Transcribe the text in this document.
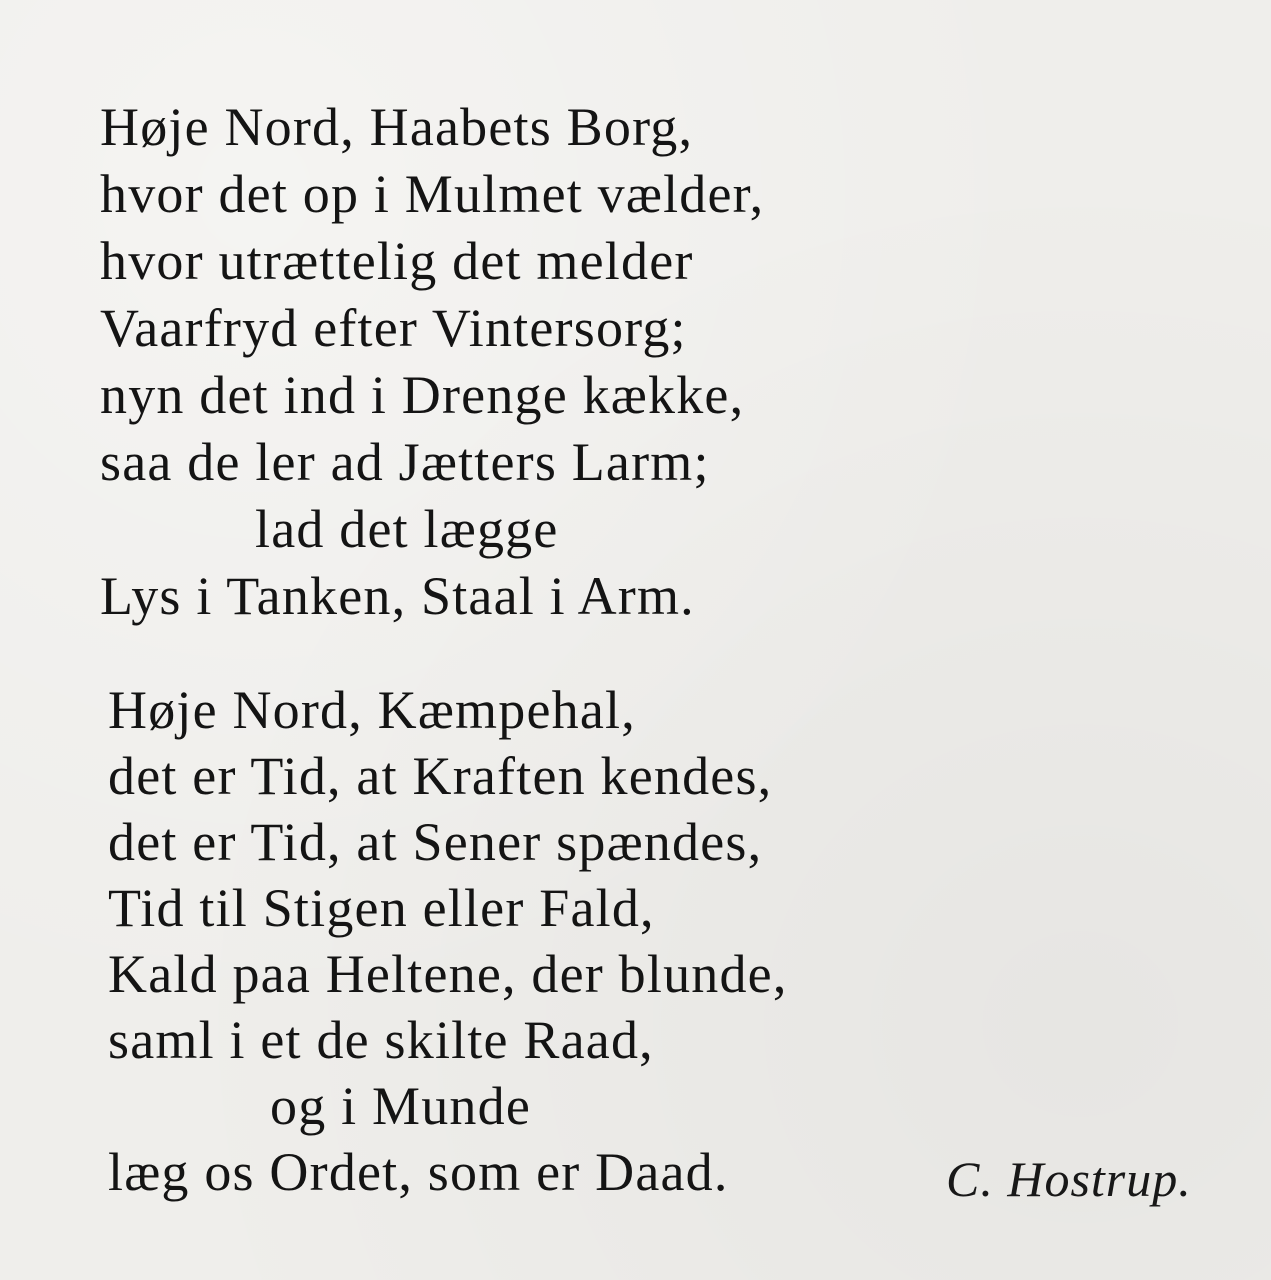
Høje Nord, Haabets Borg,
hvor det op i Mulmet vælder,
hvor utrættelig det melder
Vaarfryd efter Vintersorg;
nyn det ind i Drenge kække,
saa de ler ad Jætters Larm;
lad det lægge
Lys i Tanken, Staal i Arm.
Høje Nord, Kæmpehal,
det er Tid, at Kraften kendes,
det er Tid, at Sener spændes,
Tid til Stigen eller Fald,
Kald paa Heltene, der blunde,
saml i et de skilte Raad,
og i Munde
læg os Ordet, som er Daad.	C. Hostrup.
